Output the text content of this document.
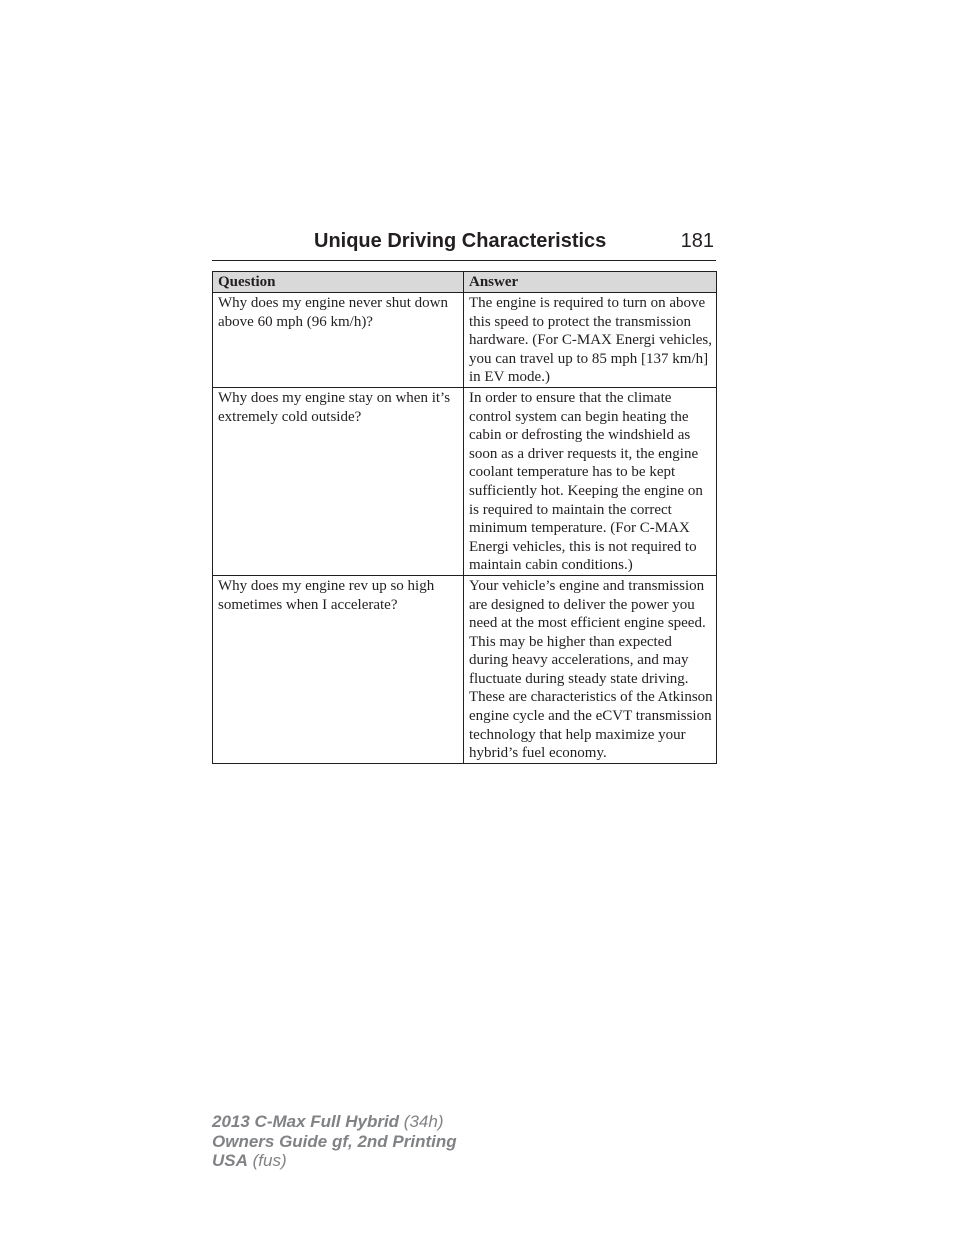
Unique Driving Characteristics	181
Question	Answer
Why does my engine never shut down above 60 mph (96 km/h)?	The engine is required to turn on above this speed to protect the transmission hardware. (For C-MAX Energi vehicles, you can travel up to 85 mph [137 km/h] in EV mode.)
Why does my engine stay on when it’s extremely cold outside?	In order to ensure that the climate control system can begin heating the cabin or defrosting the windshield as soon as a driver requests it, the engine coolant temperature has to be kept sufficiently hot. Keeping the engine on is required to maintain the correct minimum temperature. (For C-MAX Energi vehicles, this is not required to maintain cabin conditions.)
Why does my engine rev up so high sometimes when I accelerate?	Your vehicle’s engine and transmission are designed to deliver the power you need at the most efficient engine speed. This may be higher than expected during heavy accelerations, and may fluctuate during steady state driving. These are characteristics of the Atkinson engine cycle and the eCVT transmission technology that help maximize your hybrid’s fuel economy.
2013 C-Max Full Hybrid (34h)
Owners Guide gf, 2nd Printing
USA (fus)
